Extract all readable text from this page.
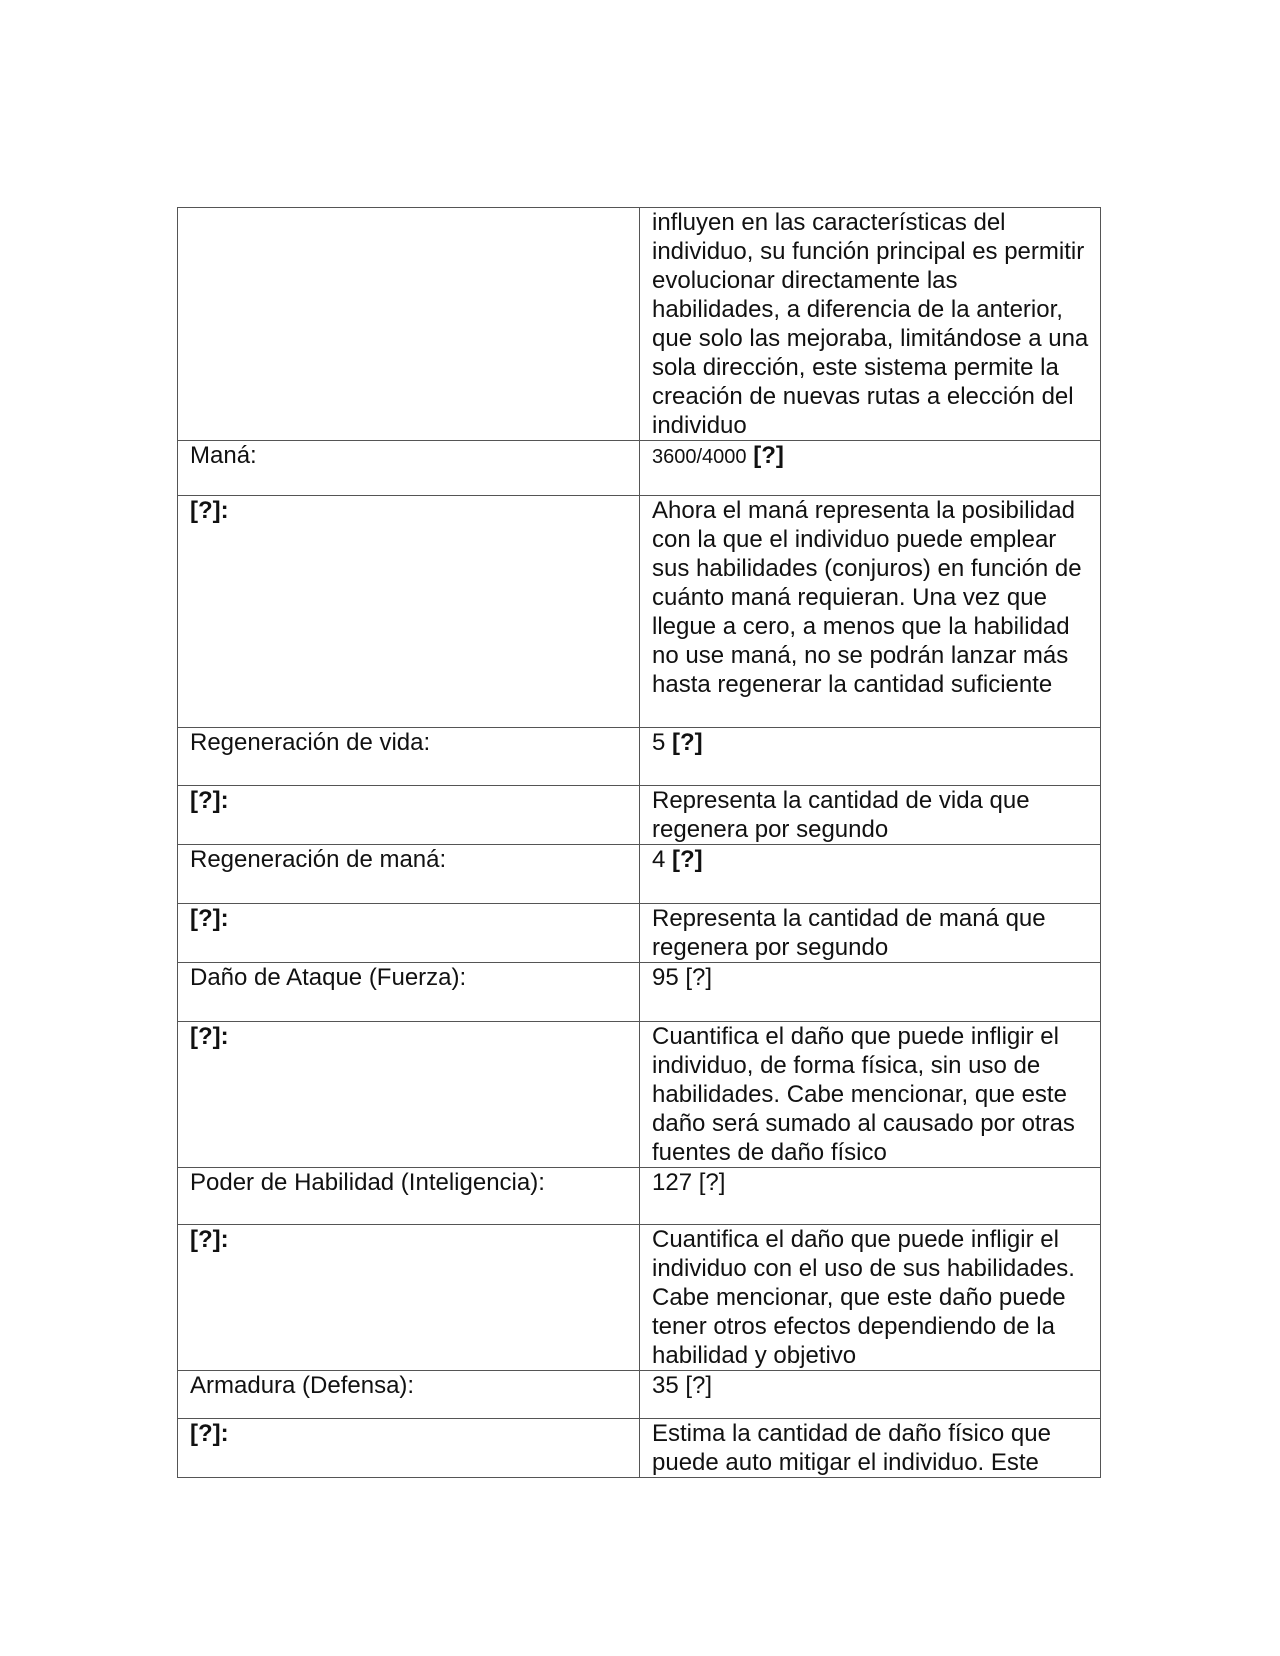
	influyen en las características del individuo, su función principal es permitir evolucionar directamente las habilidades, a diferencia de la anterior, que solo las mejoraba, limitándose a una sola dirección, este sistema permite la creación de nuevas rutas a elección del individuo
Maná:	3600/4000 [?]
[?]:	Ahora el maná representa la posibilidad con la que el individuo puede emplear sus habilidades (conjuros) en función de cuánto maná requieran. Una vez que llegue a cero, a menos que la habilidad no use maná, no se podrán lanzar más hasta regenerar la cantidad suficiente
Regeneración de vida:	5 [?]
[?]:	Representa la cantidad de vida que regenera por segundo
Regeneración de maná:	4 [?]
[?]:	Representa la cantidad de maná que regenera por segundo
Daño de Ataque (Fuerza):	95 [?]
[?]:	Cuantifica el daño que puede infligir el individuo, de forma física, sin uso de habilidades. Cabe mencionar, que este daño será sumado al causado por otras fuentes de daño físico
Poder de Habilidad (Inteligencia):	127 [?]
[?]:	Cuantifica el daño que puede infligir el individuo con el uso de sus habilidades. Cabe mencionar, que este daño puede tener otros efectos dependiendo de la habilidad y objetivo
Armadura (Defensa):	35 [?]
[?]:	Estima la cantidad de daño físico que puede auto mitigar el individuo. Este
